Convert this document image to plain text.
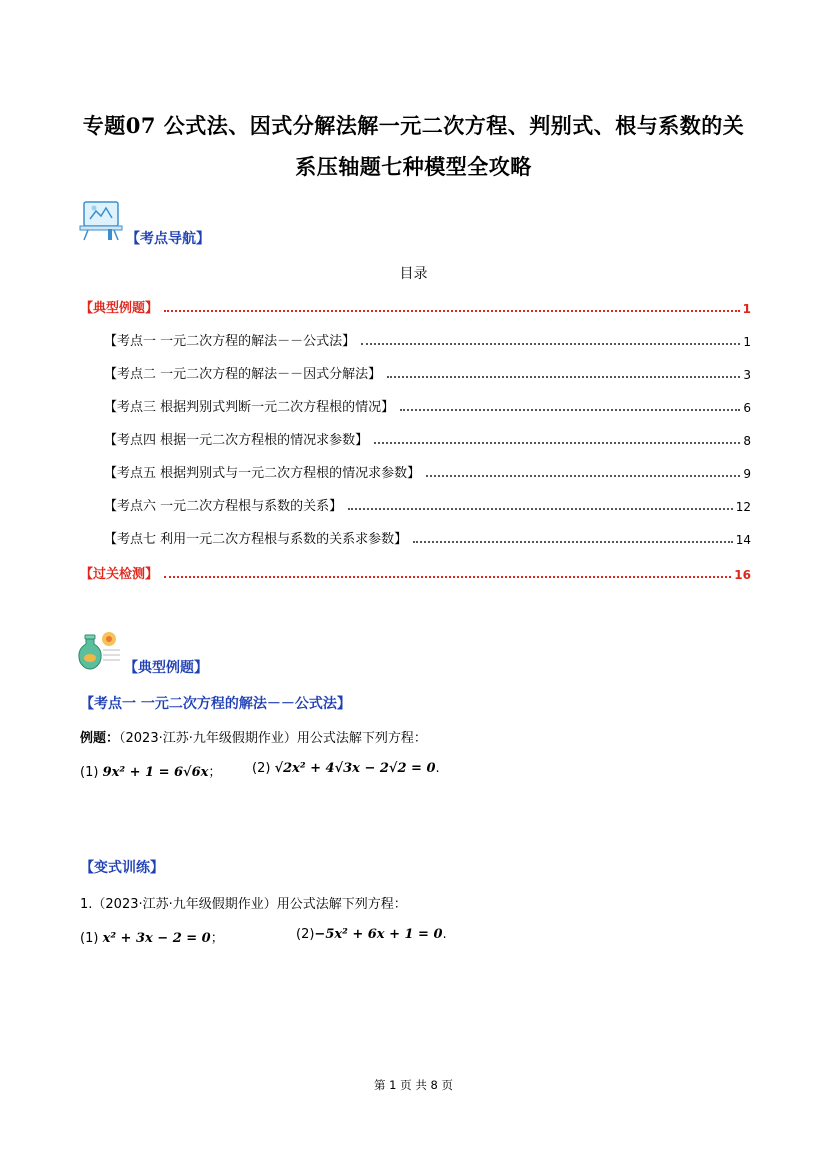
专题07 公式法、因式分解法解一元二次方程、判别式、根与系数的关
系压轴题七种模型全攻略
【考点导航】
目录
【典型例题】	1
【考点一 一元二次方程的解法－－公式法】	1
【考点二 一元二次方程的解法－－因式分解法】	3
【考点三 根据判别式判断一元二次方程根的情况】	6
【考点四 根据一元二次方程根的情况求参数】	8
【考点五 根据判别式与一元二次方程根的情况求参数】	9
【考点六 一元二次方程根与系数的关系】	12
【考点七 利用一元二次方程根与系数的关系求参数】	14
【过关检测】	16
【典型例题】
【考点一 一元二次方程的解法－－公式法】
例题：（2023·江苏·九年级假期作业）用公式法解下列方程：
(1) 9x² + 1 = 6√6x； (2) √2x² + 4√3x − 2√2 = 0.
【变式训练】
1.（2023·江苏·九年级假期作业）用公式法解下列方程：
(1) x² + 3x − 2 = 0；	(2)−5x² + 6x + 1 = 0.
第 1 页 共 8 页
